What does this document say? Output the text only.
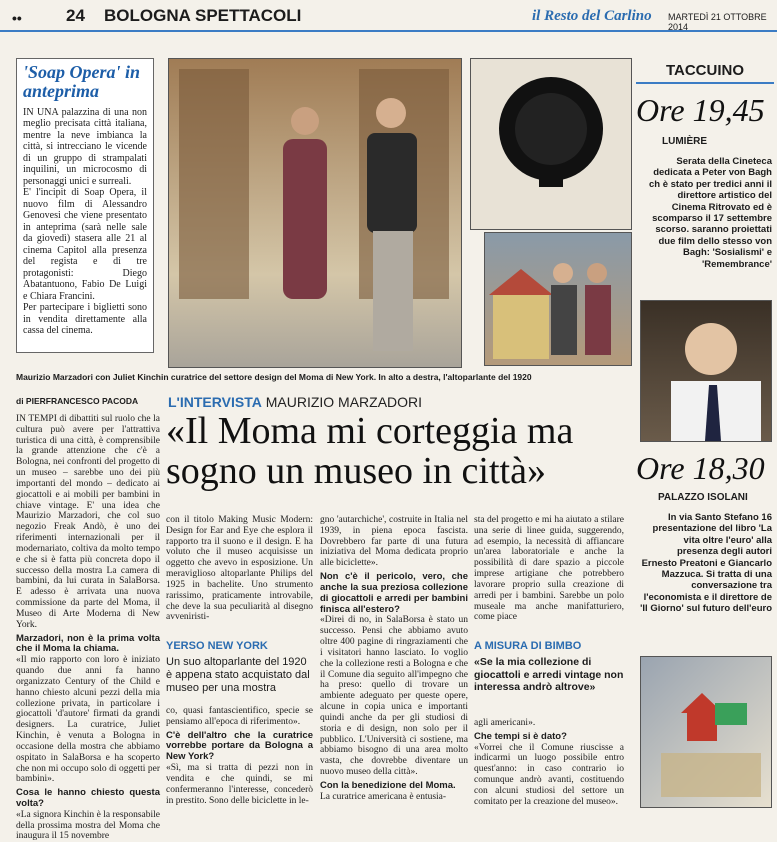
••	24 BOLOGNA SPETTACOLI	il Resto del Carlino MARTEDÌ 21 OTTOBRE 2014
'Soap Opera' in anteprima

IN UNA palazzina di una non meglio precisata città italiana, mentre la neve imbianca la città, si intrecciano le vicende di un gruppo di strampalati inquilini, un microcosmo di personaggi unici e surreali.

E' l'incipit di Soap Opera, il nuovo film di Alessandro Genovesi che viene presentato in anteprima (sarà nelle sale da giovedì) stasera alle 21 al cinema Capitol alla presenza del regista e di tre protagonisti: Diego Abatantuono, Fabio De Luigi e Chiara Francini.

Per partecipare i biglietti sono in vendita direttamente alla cassa del cinema.

Maurizio Marzadori con Juliet Kinchin curatrice del settore design del Moma di New York. In alto a destra, l'altoparlante del 1920
TACCUINO
Ore 19,45
LUMIÈRE
Serata della Cineteca dedicata a Peter von Bagh ch è stato per tredici anni il direttore artistico del Cinema Ritrovato ed è scomparso il 17 settembre scorso. saranno proiettati due film dello stesso von Bagh: 'Sosialismi' e 'Remembrance'
Ore 18,30
PALAZZO ISOLANI
In via Santo Stefano 16 presentazione del libro 'La vita oltre l'euro' alla presenza degli autori Ernesto Preatoni e Giancarlo Mazzuca. Si tratta di una conversazione tra l'economista e il direttore de 'Il Giorno' sul futuro dell'euro
di PIERFRANCESCO PACODA L'INTERVISTA MAURIZIO MARZADORI
«Il Moma mi corteggia ma sogno un museo in città»

IN TEMPI di dibattiti sul ruolo che la cultura può avere per l'attrattiva turistica di una città, è comprensibile la grande attenzione che c'è a Bologna, nei confronti del progetto di un museo – sarebbe uno dei più importanti del mondo – dedicato ai giocattoli e ai mobili per bambini in chiave vintage. E' una idea che Maurizio Marzadori, che col suo negozio Freak Andò, è uno dei riferimenti internazionali per il modernariato, coltiva da molto tempo e che si è fatta più concreta dopo il successo della mostra La camera di bambini, da lui curata in SalaBorsa. E adesso è arrivata una nuova commissione da parte del Moma, il Museo di Arte Moderna di New York.

Marzadori, non è la prima volta che il Moma la chiama.

«Il mio rapporto con loro è iniziato quando due anni fa hanno organizzato Century of the Child e hanno chiesto alcuni pezzi della mia collezione privata, in particolare i giocattoli 'd'autore' firmati da grandi designers. La curatrice, Juliet Kinchin, è venuta a Bologna in occasione della mostra che abbiamo ospitato in SalaBorsa e ha scoperto che non mi occupo solo di oggetti per bambini».

Cosa le hanno chiesto questa volta?

«La signora Kinchin è la responsabile della prossima mostra del Moma che inaugura il 15 novembre

con il titolo Making Music Modern: Design for Ear and Eye che esplora il rapporto tra il suono e il design. E ha voluto che il museo acquisisse un oggetto che avevo in esposizione. Un meraviglioso altoparlante Philips del 1925 in bachelite. Uno strumento rarissimo, praticamente introvabile, che deve la sua peculiarità al disegno avveniristi-

YERSO NEW YORK
Un suo altoparlante del 1920 è appena stato acquistato dal museo per una mostra

co, quasi fantascientifico, specie se pensiamo all'epoca di riferimento».

C'è dell'altro che la curatrice vorrebbe portare da Bologna a New York?

«Sì, ma si tratta di pezzi non in vendita e che quindi, se mi confermeranno l'interesse, concederò in prestito. Sono delle biciclette in le-

gno 'autarchiche', costruite in Italia nel 1939, in piena epoca fascista. Dovrebbero far parte di una futura iniziativa del Moma dedicata proprio alle biciclette».

Non c'è il pericolo, vero, che anche la sua preziosa collezione di giocattoli e arredi per bambini finisca all'estero?

«Direi di no, in SalaBorsa è stato un successo. Pensi che abbiamo avuto oltre 400 pagine di ringraziamenti che i visitatori hanno lasciato. Io voglio che la collezione resti a Bologna e che il Comune dia seguito all'impegno che ha preso: quello di trovare un ambiente adeguato per queste opere, alcune in copia unica e importanti quindi anche da per gli studiosi di storia e di design, non solo per il pubblico. L'Università ci sostiene, ma abbiamo bisogno di una area molto vasta, che dovrebbe diventare un nuovo museo della città».

Con la benedizione del Moma.

La curatrice americana è entusia-

sta del progetto e mi ha aiutato a stilare una serie di linee guida, suggerendo, ad esempio, la necessità di affiancare un'area laboratoriale e anche la possibilità di dare spazio a piccole imprese artigiane che potrebbero lavorare proprio sulla creazione di arredi per i bambini. Sarebbe un polo museale ma anche manifatturiero, come piace

A MISURA DI BIMBO
«Se la mia collezione di giocattoli e arredi vintage non interessa andrò altrove»

agli americani».

Che tempi si è dato?

«Vorrei che il Comune riuscisse a indicarmi un luogo possibile entro quest'anno: in caso contrario io comunque andrò avanti, costituendo con alcuni studiosi del settore un comitato per la creazione del museo».
